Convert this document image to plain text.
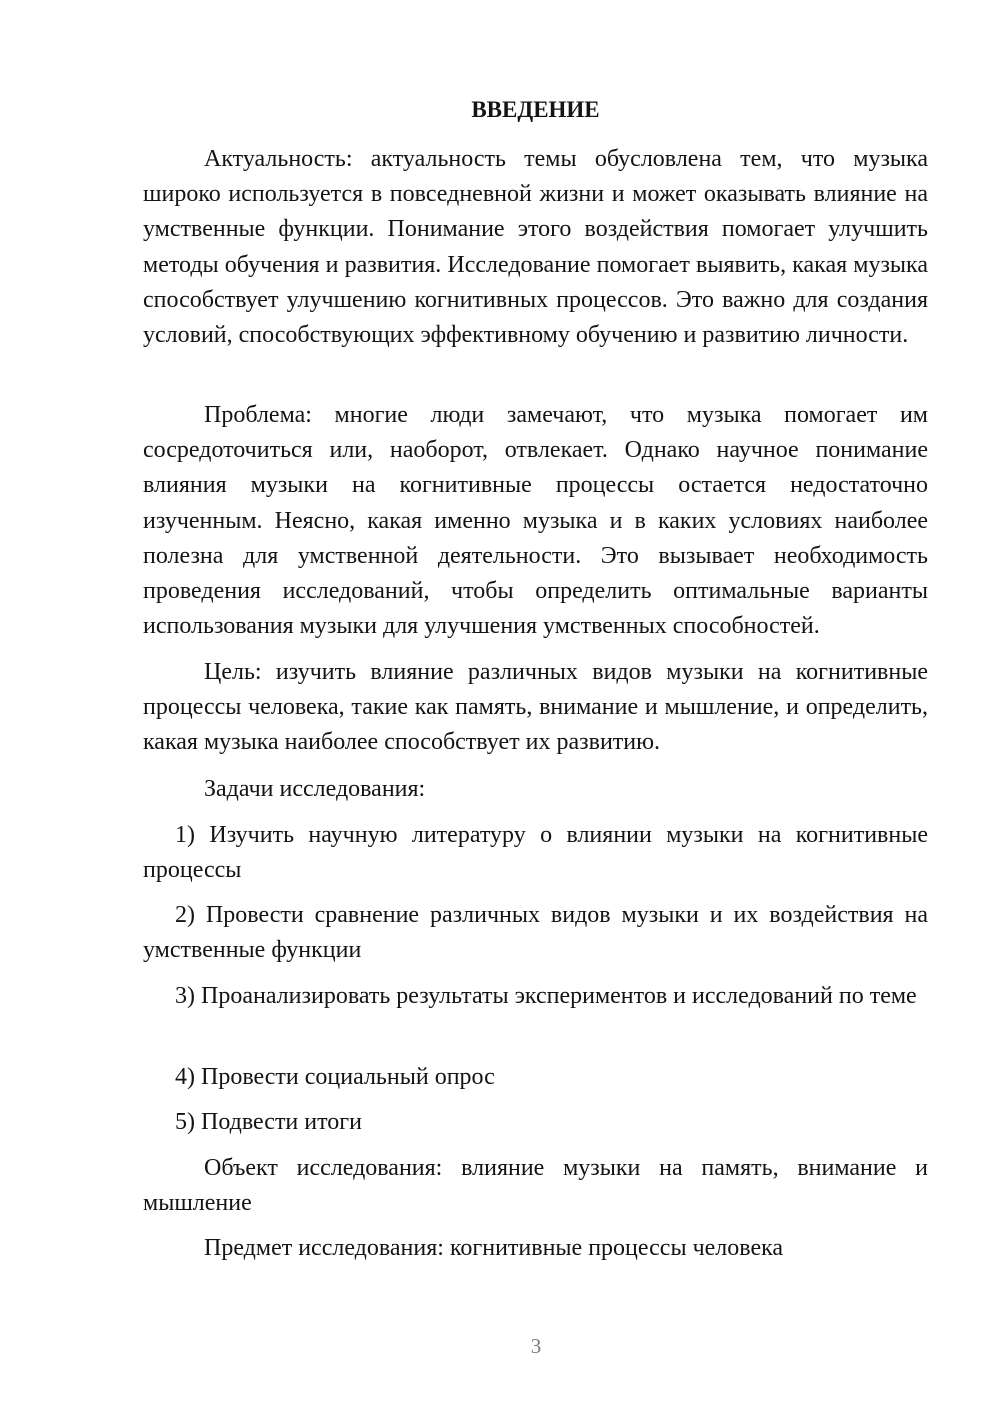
ВВЕДЕНИЕ

Актуальность: актуальность темы обусловлена тем, что музыка широко используется в повседневной жизни и может оказывать влияние на умственные функции. Понимание этого воздействия помогает улучшить методы обучения и развития. Исследование помогает выявить, какая музыка способствует улучшению когнитивных процессов. Это важно для создания условий, способствующих эффективному обучению и развитию личности.

Проблема: многие люди замечают, что музыка помогает им сосредоточиться или, наоборот, отвлекает. Однако научное понимание влияния музыки на когнитивные процессы остается недостаточно изученным. Неясно, какая именно музыка и в каких условиях наиболее полезна для умственной деятельности. Это вызывает необходимость проведения исследований, чтобы определить оптимальные варианты использования музыки для улучшения умственных способностей.

Цель: изучить влияние различных видов музыки на когнитивные процессы человека, такие как память, внимание и мышление, и определить, какая музыка наиболее способствует их развитию.

Задачи исследования:

1) Изучить научную литературу о влиянии музыки на когнитивные процессы

2) Провести сравнение различных видов музыки и их воздействия на умственные функции

3) Проанализировать результаты экспериментов и исследований по теме

4) Провести социальный опрос

5) Подвести итоги

Объект исследования: влияние музыки на память, внимание и мышление

Предмет исследования: когнитивные процессы человека

3
